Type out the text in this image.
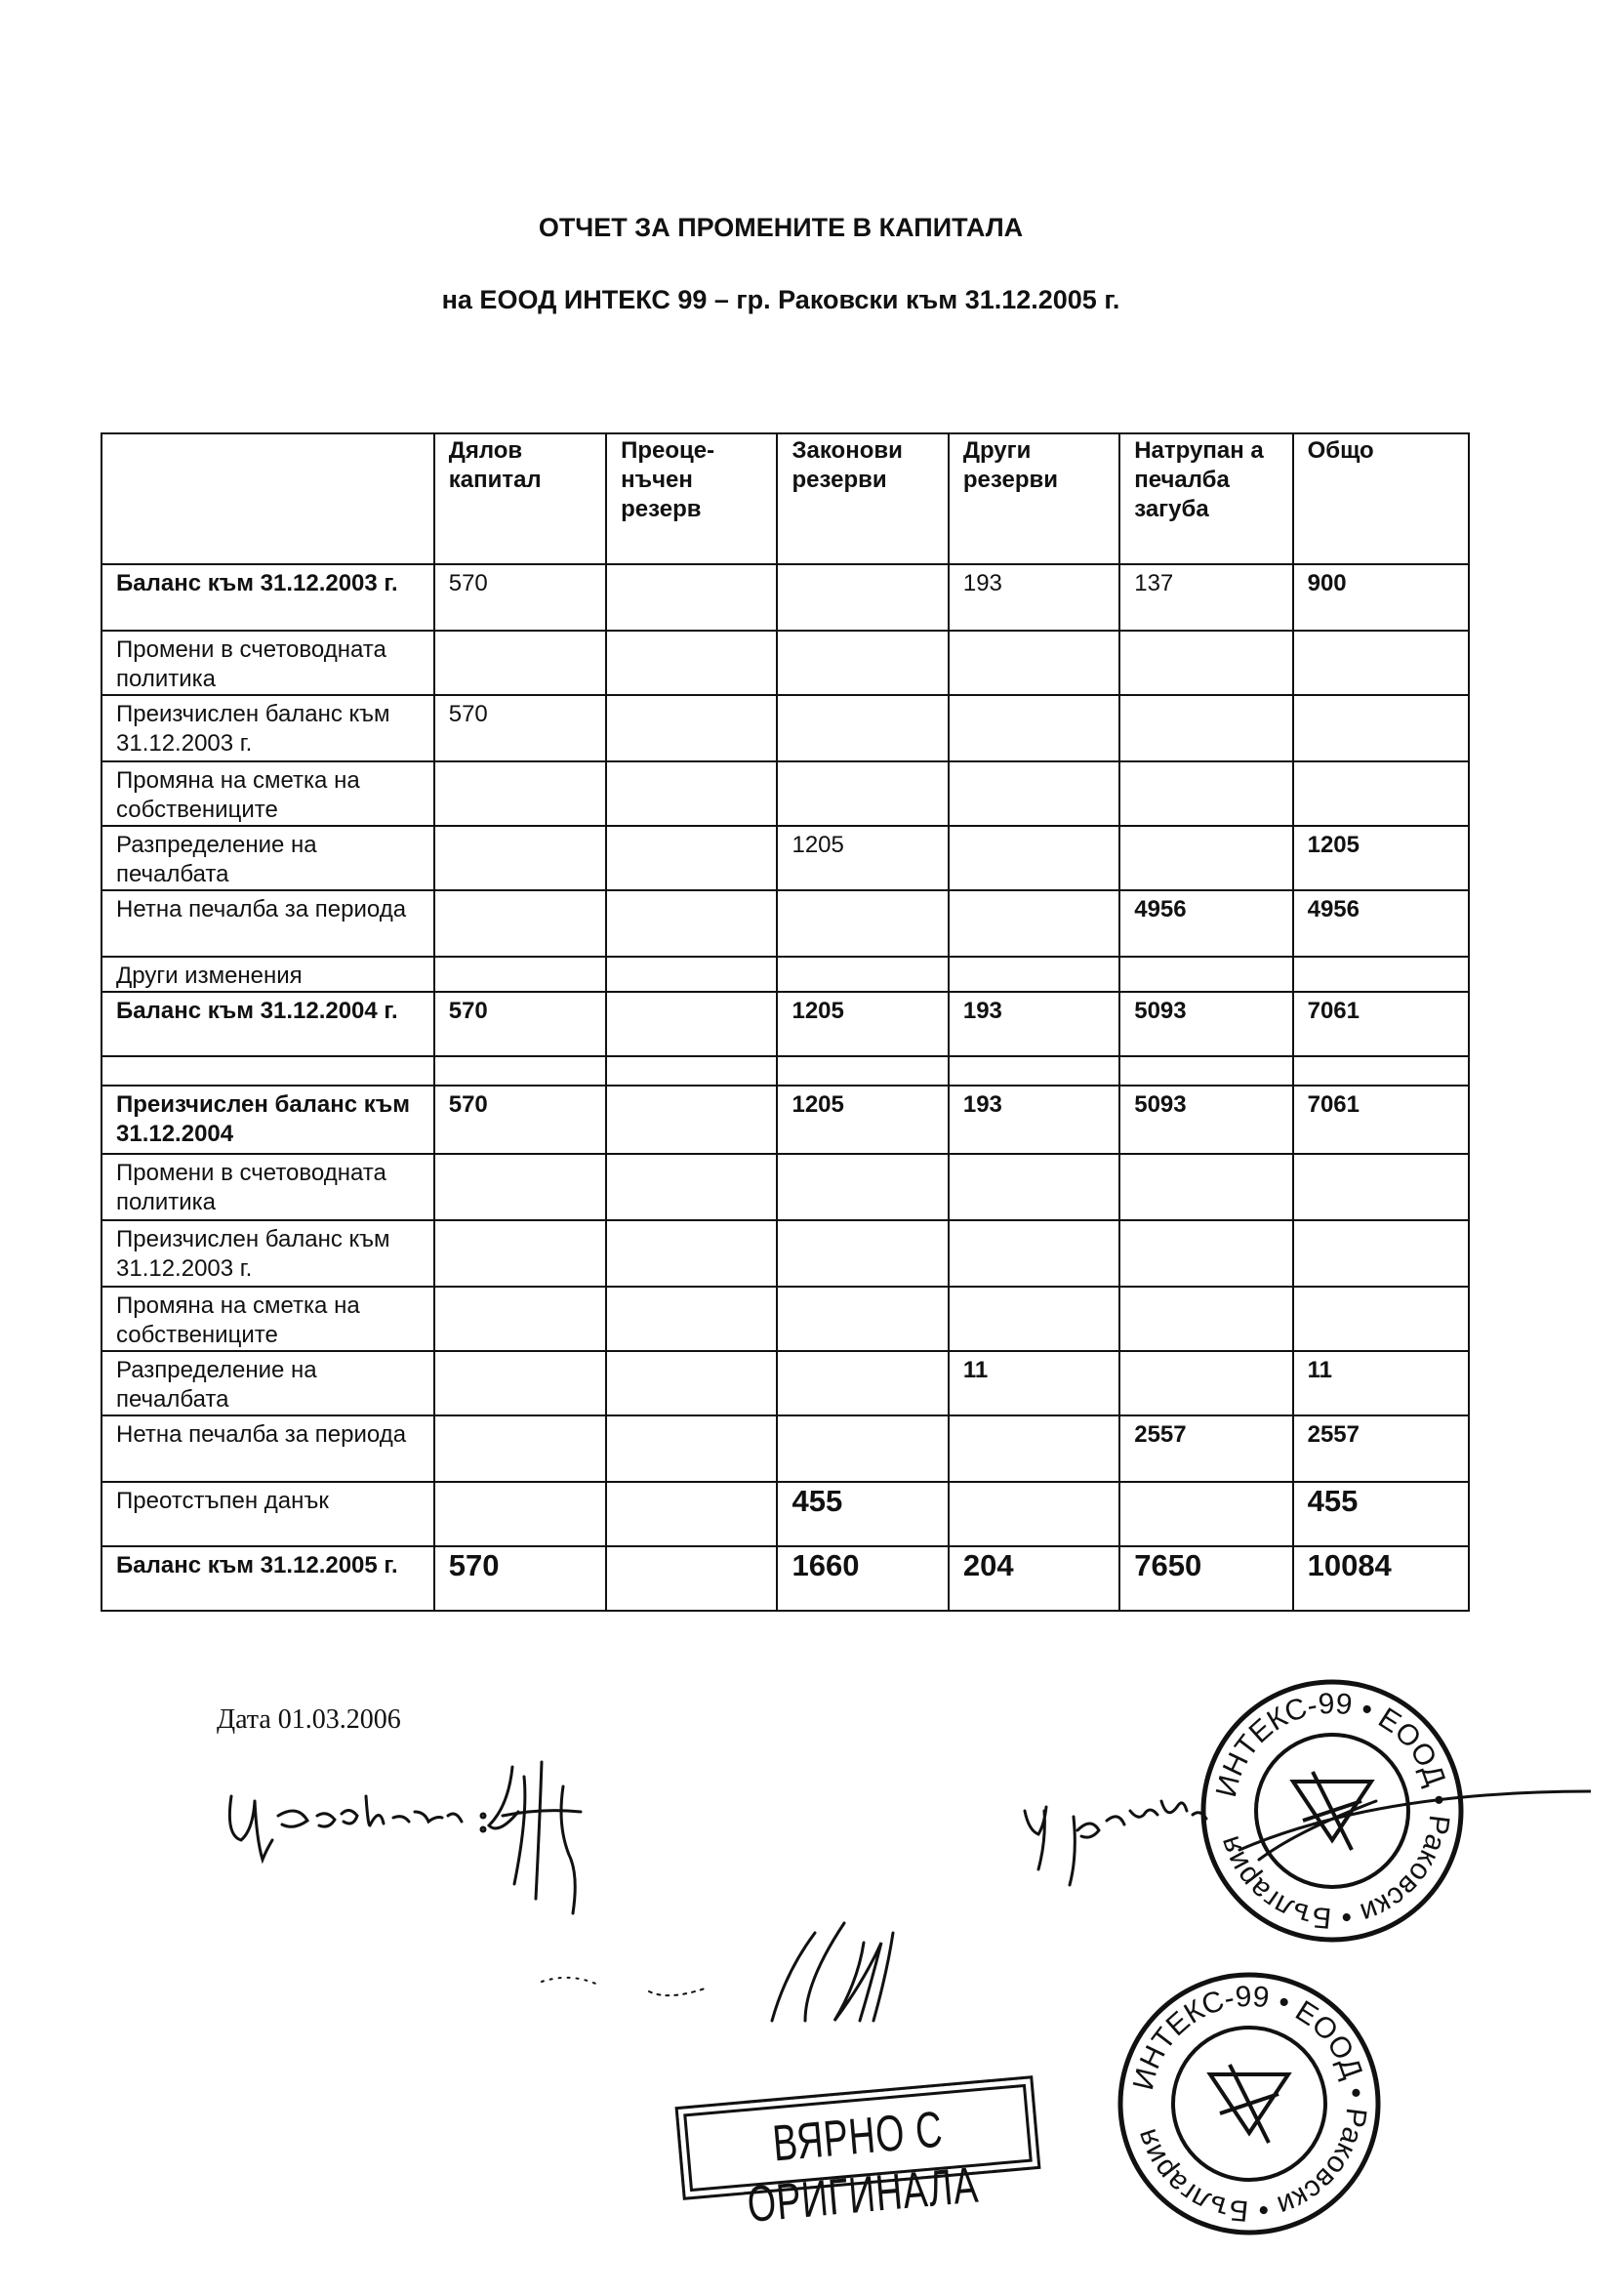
ОТЧЕТ ЗА ПРОМЕНИТЕ В КАПИТАЛА
на ЕООД ИНТЕКС 99 – гр. Раковски към 31.12.2005 г.
	Дялов капитал	Преоце-нъчен резерв	Законови резерви	Други резерви	Натрупан а печалба загуба	Общо
Баланс към 31.12.2003 г.	570			193	137	900
Промени в счетоводната политика						
Преизчислен баланс към 31.12.2003 г.	570					
Промяна на сметка на собствениците						
Разпределение на печалбата			1205			1205
Нетна печалба за периода					4956	4956
Други изменения						
Баланс към 31.12.2004 г.	570		1205	193	5093	7061

Преизчислен баланс към 31.12.2004	570		1205	193	5093	7061
Промени в счетоводната политика						
Преизчислен баланс към 31.12.2003 г.						
Промяна на сметка на собствениците						
Разпределение на печалбата				11		11
Нетна печалба за периода					2557	2557
Преотстъпен данък			455			455
Баланс към 31.12.2005 г.	570		1660	204	7650	10084
Дата 01.03.2006
ИНТЕКС-99 • ЕООД • Раковски • България
ИНТЕКС-99 • ЕООД • Раковски • България
ВЯРНО С ОРИГИНАЛА
